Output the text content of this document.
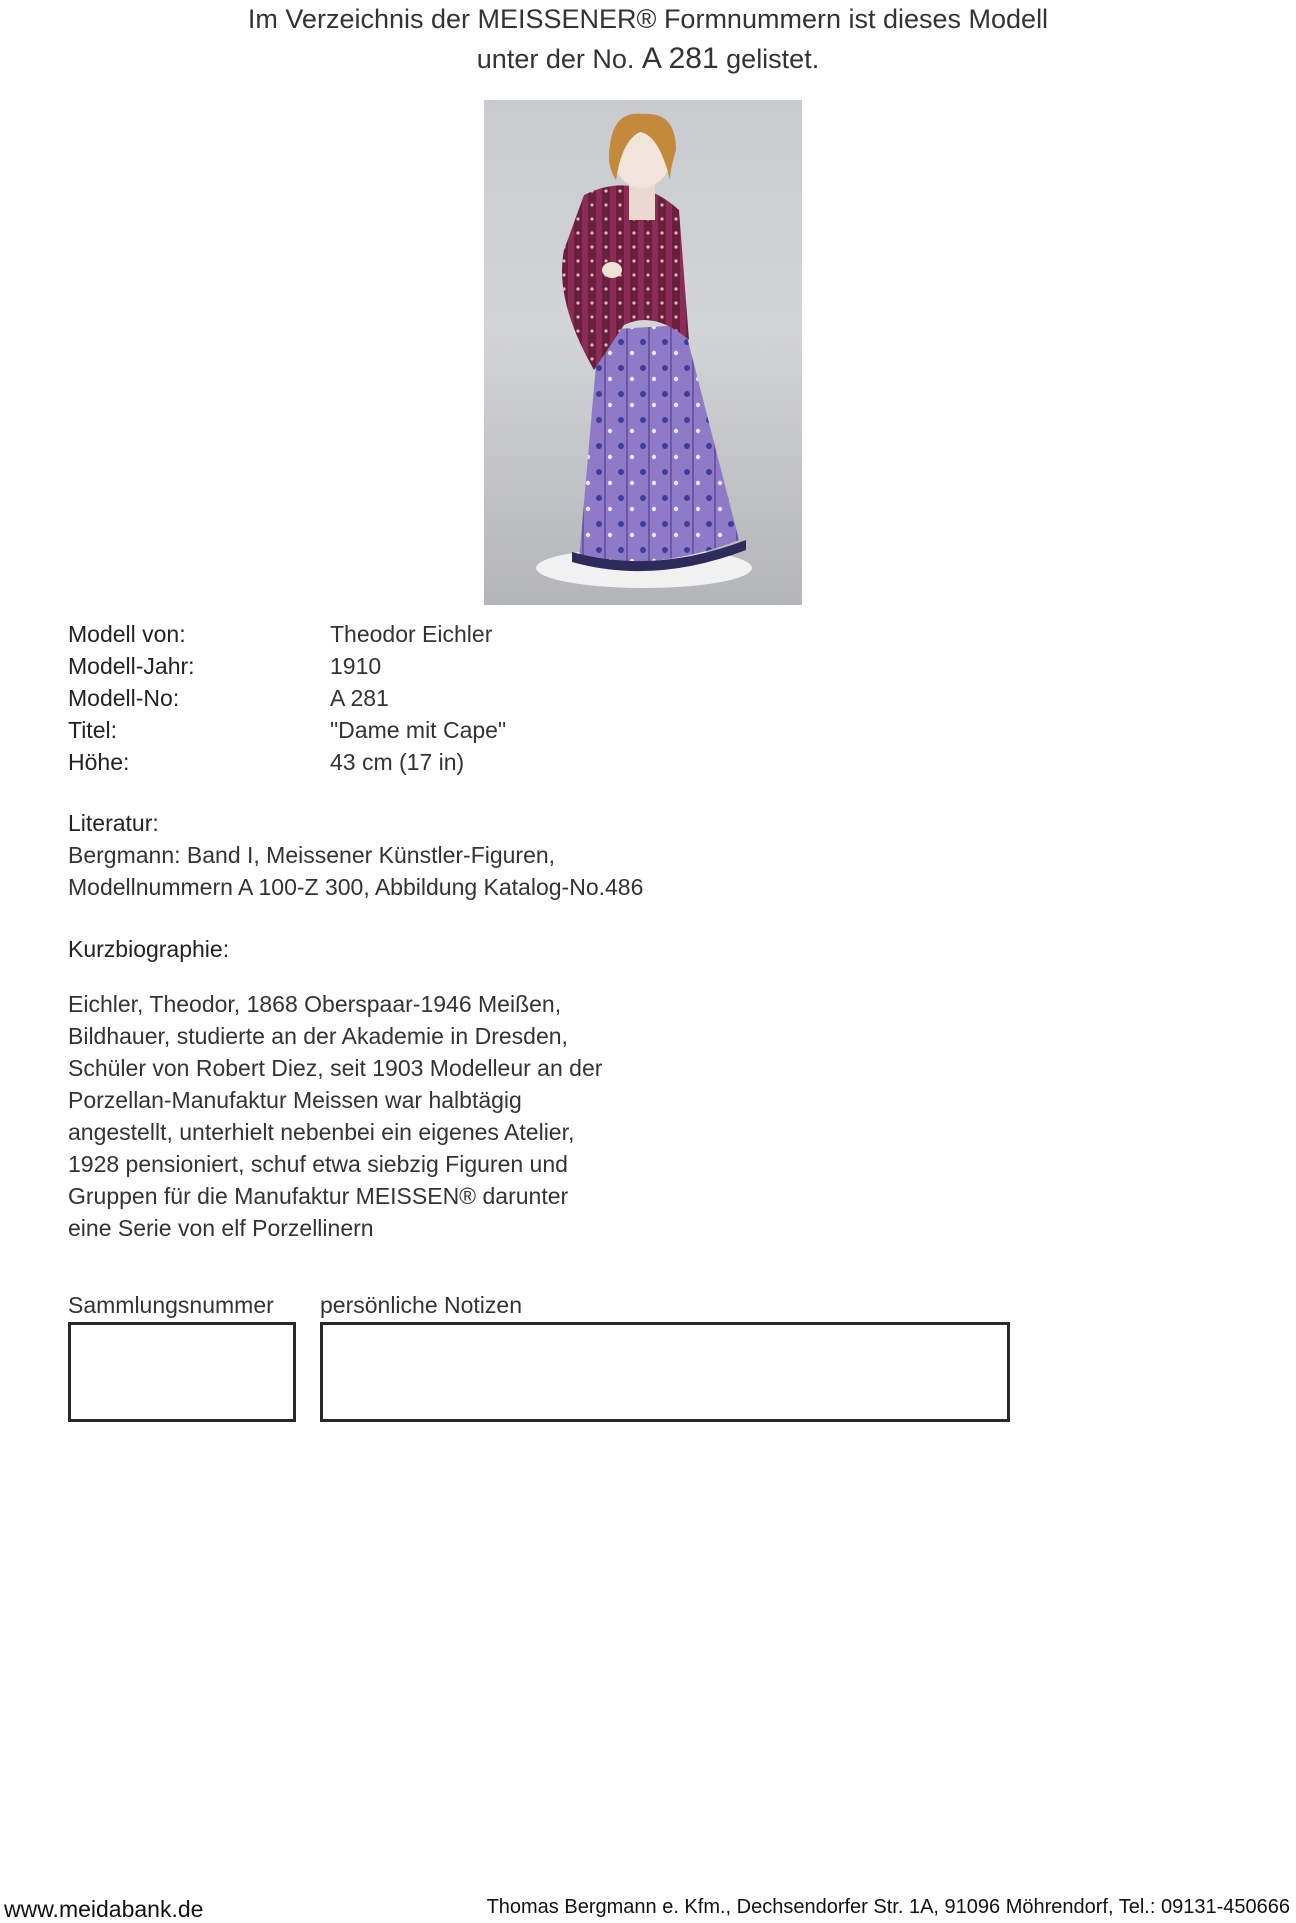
Im Verzeichnis der MEISSENER® Formnummern ist dieses Modell
unter der No. A 281 gelistet.
Modell von:	Theodor Eichler
Modell-Jahr:	1910
Modell-No:	A 281
Titel:	"Dame mit Cape"
Höhe:	43 cm (17 in)
Literatur:
Bergmann: Band I, Meissener Künstler-Figuren,
Modellnummern A 100-Z 300, Abbildung Katalog-No.486
Kurzbiographie:
Eichler, Theodor, 1868 Oberspaar-1946 Meißen,
Bildhauer, studierte an der Akademie in Dresden,
Schüler von Robert Diez, seit 1903 Modelleur an der
Porzellan-Manufaktur Meissen war halbtägig
angestellt, unterhielt nebenbei ein eigenes Atelier,
1928 pensioniert, schuf etwa siebzig Figuren und
Gruppen für die Manufaktur MEISSEN® darunter
eine Serie von elf Porzellinern
Sammlungsnummer persönliche Notizen
www.meidabank.de	Thomas Bergmann e. Kfm., Dechsendorfer Str. 1A, 91096 Möhrendorf, Tel.: 09131-450666
